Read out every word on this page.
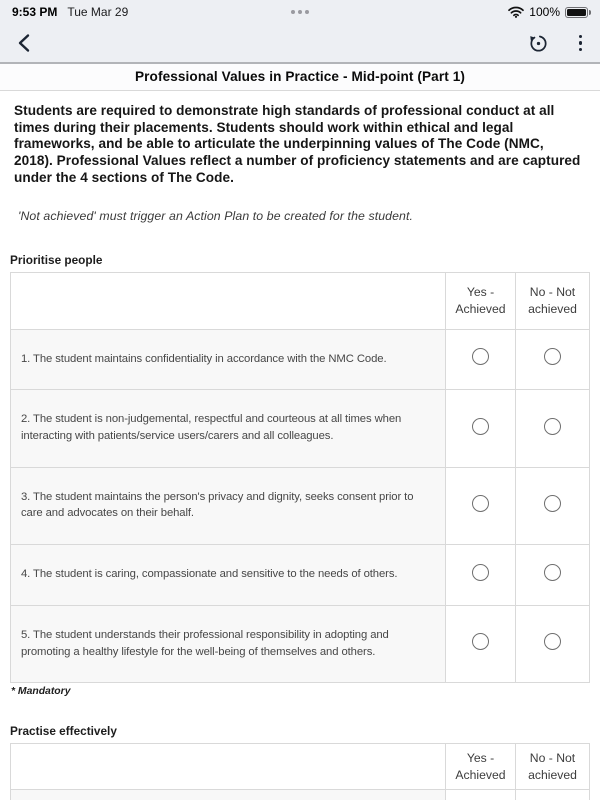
9:53 PM Tue Mar 29	100%
Professional Values in Practice - Mid-point (Part 1)

Students are required to demonstrate high standards of professional conduct at all times during their placements. Students should work within ethical and legal frameworks, and be able to articulate the underpinning values of The Code (NMC, 2018). Professional Values reflect a number of proficiency statements and are captured under the 4 sections of The Code.

'Not achieved' must trigger an Action Plan to be created for the student.

Prioritise people
	Yes - Achieved	No - Not achieved
1. The student maintains confidentiality in accordance with the NMC Code.		
2. The student is non-judgemental, respectful and courteous at all times when interacting with patients/service users/carers and all colleagues.		
3. The student maintains the person's privacy and dignity, seeks consent prior to care and advocates on their behalf.		
4. The student is caring, compassionate and sensitive to the needs of others.		
5. The student understands their professional responsibility in adopting and promoting a healthy lifestyle for the well-being of themselves and others.		

* Mandatory

Practise effectively
	Yes - Achieved	No - Not achieved
